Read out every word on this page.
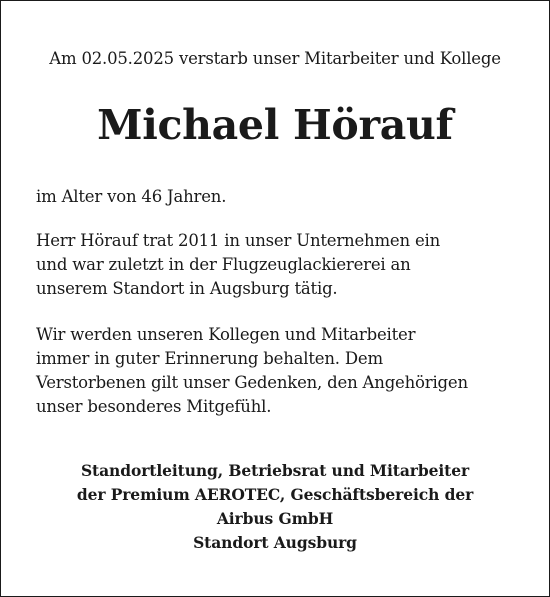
Am 02.05.2025 verstarb unser Mitarbeiter und Kollege
Michael Hörauf

im Alter von 46 Jahren.

Herr Hörauf trat 2011 in unser Unternehmen ein
und war zuletzt in der Flugzeuglackiererei an
unserem Standort in Augsburg tätig.

Wir werden unseren Kollegen und Mitarbeiter
immer in guter Erinnerung behalten. Dem
Verstorbenen gilt unser Gedenken, den Angehörigen
unser besonderes Mitgefühl.

Standortleitung, Betriebsrat und Mitarbeiter
der Premium AEROTEC, Geschäftsbereich der
Airbus GmbH
Standort Augsburg
